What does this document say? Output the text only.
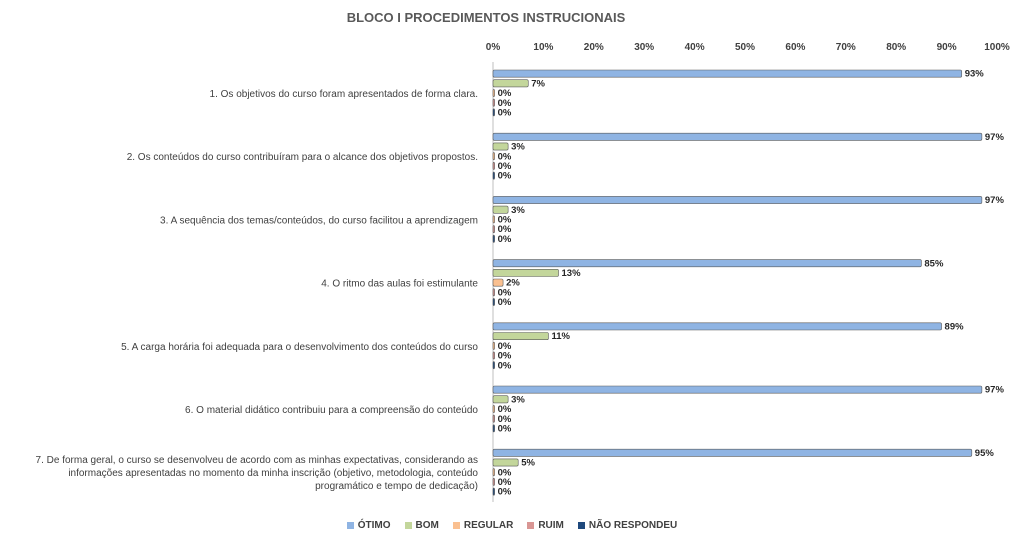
BLOCO I PROCEDIMENTOS INSTRUCIONAIS
0%	10%	20%	30%	40%	50%	60%	70%	80%	90%	100%
1. Os objetivos do curso foram apresentados de forma clara.
93%
7%
0%
0%
0%
2. Os conteúdos do curso contribuíram para o alcance dos objetivos propostos.
97%
3%
0%
0%
0%
3. A sequência dos temas/conteúdos, do curso facilitou a aprendizagem
97%
3%
0%
0%
0%
4. O ritmo das aulas foi estimulante
85%
13%
2%
0%
0%
5. A carga horária foi adequada para o desenvolvimento dos conteúdos do curso
89%
11%
0%
0%
0%
6. O material didático contribuiu para a compreensão do conteúdo
97%
3%
0%
0%
0%
7. De forma geral, o curso se desenvolveu de acordo com as minhas expectativas, considerando as informações apresentadas no momento da minha inscrição (objetivo, metodologia, conteúdo programático e tempo de dedicação)
95%
5%
0%
0%
0%
ÓTIMO	BOM	REGULAR	RUIM	NÃO RESPONDEU
